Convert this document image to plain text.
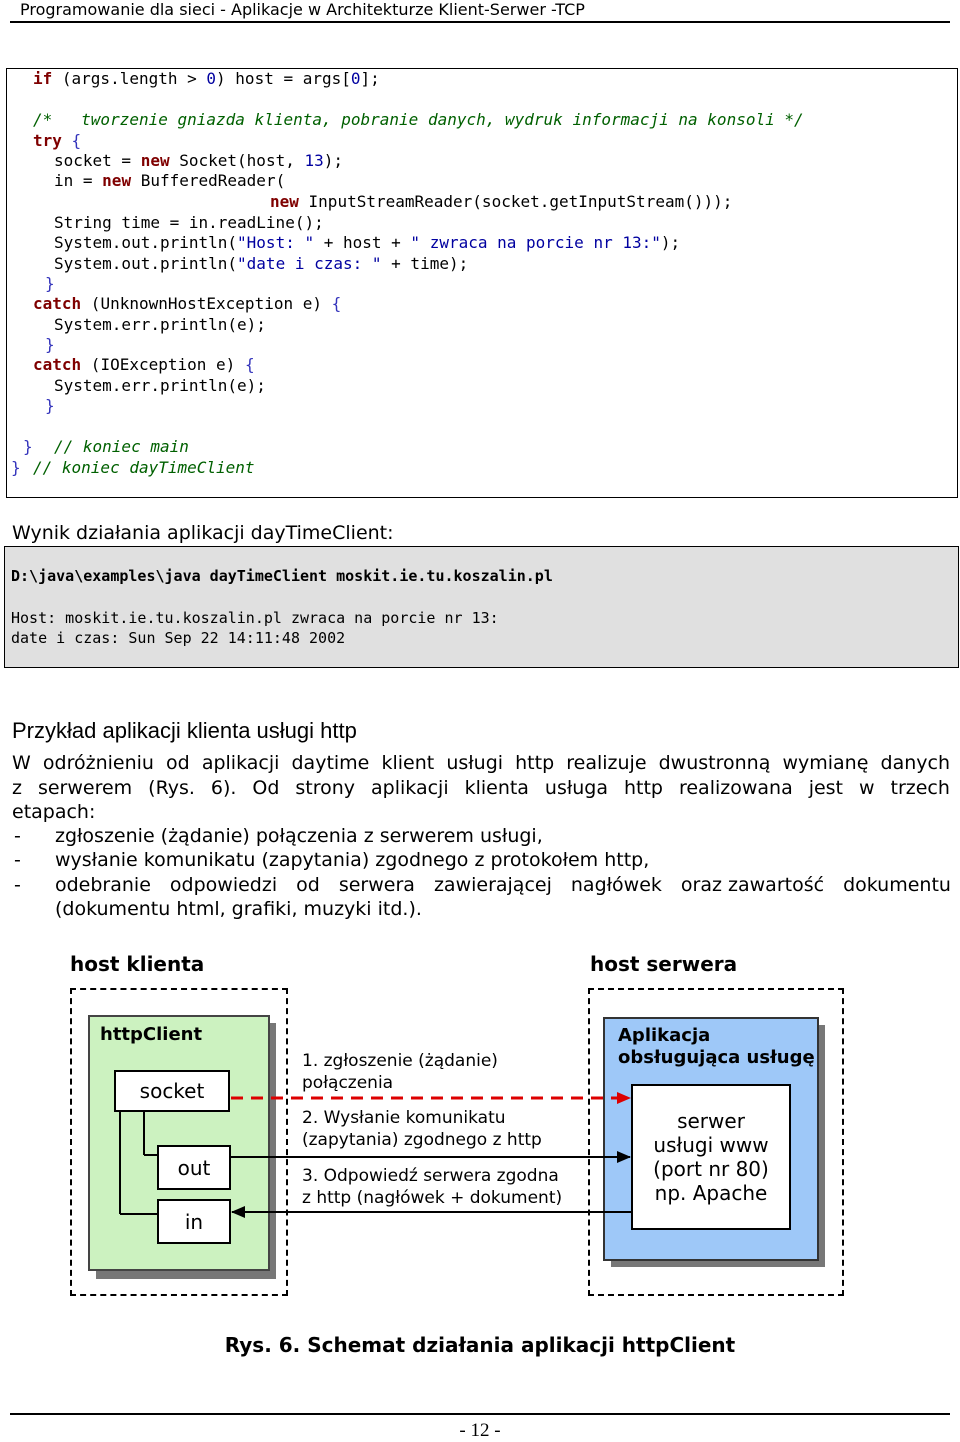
Programowanie dla sieci - Aplikacje w Architekturze Klient-Serwer -TCP
if (args.length > 0) host = args[0];
/*   tworzenie gniazda klienta, pobranie danych, wydruk informacji na konsoli */
try {
socket = new Socket(host, 13);
in = new BufferedReader(
new InputStreamReader(socket.getInputStream()));
String time = in.readLine();
System.out.println("Host: " + host + " zwraca na porcie nr 13:");
System.out.println("date i czas: " + time);
}
catch (UnknownHostException e) {
System.err.println(e);
}
catch (IOException e) {
System.err.println(e);
}
} // koniec main
} // koniec dayTimeClient
Wynik działania aplikacji dayTimeClient:
D:\java\examples\java dayTimeClient moskit.ie.tu.koszalin.pl
Host: moskit.ie.tu.koszalin.pl zwraca na porcie nr 13:
date i czas: Sun Sep 22 14:11:48 2002
Przykład aplikacji klienta usługi http
W odróżnieniu od aplikacji daytime klient usługi http realizuje dwustronną wymianę danych
z serwerem (Rys. 6). Od strony aplikacji klienta usługa http realizowana jest w trzech
etapach:
- zgłoszenie (żądanie) połączenia z serwerem usługi,
- wysłanie komunikatu (zapytania) zgodnego z protokołem http,
- odebranie odpowiedzi od serwera zawierającej nagłówek oraz zawartość dokumentu
(dokumentu html, grafiki, muzyki itd.).
host klienta	host serwera
httpClient	Aplikacja
obsługująca usługę
socket
out
in
serwer
usługi www
(port nr 80)
np. Apache
1. zgłoszenie (żądanie)
połączenia
2. Wysłanie komunikatu
(zapytania) zgodnego z http
3. Odpowiedź serwera zgodna
z http (nagłówek + dokument)
Rys. 6. Schemat działania aplikacji httpClient
- 12 -
